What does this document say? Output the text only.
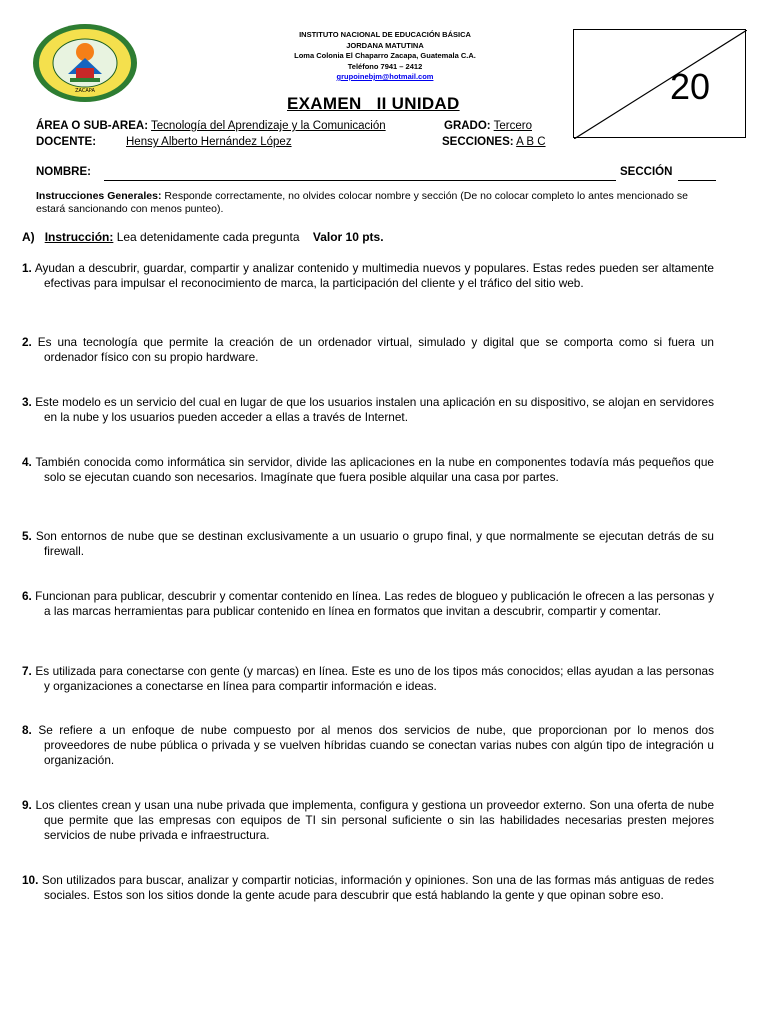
ZACAPA
INSTITUTO NACIONAL DE EDUCACIÓN BÁSICA
JORDANA MATUTINA
Loma Colonia El Chaparro Zacapa, Guatemala C.A.
Teléfono 7941 – 2412
grupoinebjm@hotmail.com	20
EXAMEN   II UNIDAD
ÁREA O SUB-AREA: Tecnología del Aprendizaje y la Comunicación	GRADO: Tercero
DOCENTE:	Hensy Alberto Hernández López	SECCIONES: A B C
NOMBRE:	SECCIÓN
Instrucciones Generales: Responde correctamente, no olvides colocar nombre y sección (De no colocar completo lo antes mencionado se estará sancionando con menos punteo).
A) Instrucción: Lea detenidamente cada pregunta Valor 10 pts.
1. Ayudan a descubrir, guardar, compartir y analizar contenido y multimedia nuevos y populares. Estas redes pueden ser altamente efectivas para impulsar el reconocimiento de marca, la participación del cliente y el tráfico del sitio web.
2. Es una tecnología que permite la creación de un ordenador virtual, simulado y digital que se comporta como si fuera un ordenador físico con su propio hardware.
3. Este modelo es un servicio del cual en lugar de que los usuarios instalen una aplicación en su dispositivo, se alojan en servidores en la nube y los usuarios pueden acceder a ellas a través de Internet.
4. También conocida como informática sin servidor, divide las aplicaciones en la nube en componentes todavía más pequeños que solo se ejecutan cuando son necesarios. Imagínate que fuera posible alquilar una casa por partes.
5. Son entornos de nube que se destinan exclusivamente a un usuario o grupo final, y que normalmente se ejecutan detrás de su firewall.
6. Funcionan para publicar, descubrir y comentar contenido en línea. Las redes de blogueo y publicación le ofrecen a las personas y a las marcas herramientas para publicar contenido en línea en formatos que invitan a descubrir, compartir y comentar.
7. Es utilizada para conectarse con gente (y marcas) en línea. Este es uno de los tipos más conocidos; ellas ayudan a las personas y organizaciones a conectarse en línea para compartir información e ideas.
8. Se refiere a un enfoque de nube compuesto por al menos dos servicios de nube, que proporcionan por lo menos dos proveedores de nube pública o privada y se vuelven híbridas cuando se conectan varias nubes con algún tipo de integración u organización.
9. Los clientes crean y usan una nube privada que implementa, configura y gestiona un proveedor externo. Son una oferta de nube que permite que las empresas con equipos de TI sin personal suficiente o sin las habilidades necesarias presten mejores servicios de nube privada e infraestructura.
10. Son utilizados para buscar, analizar y compartir noticias, información y opiniones. Son una de las formas más antiguas de redes sociales. Estos son los sitios donde la gente acude para descubrir que está hablando la gente y que opinan sobre eso.
